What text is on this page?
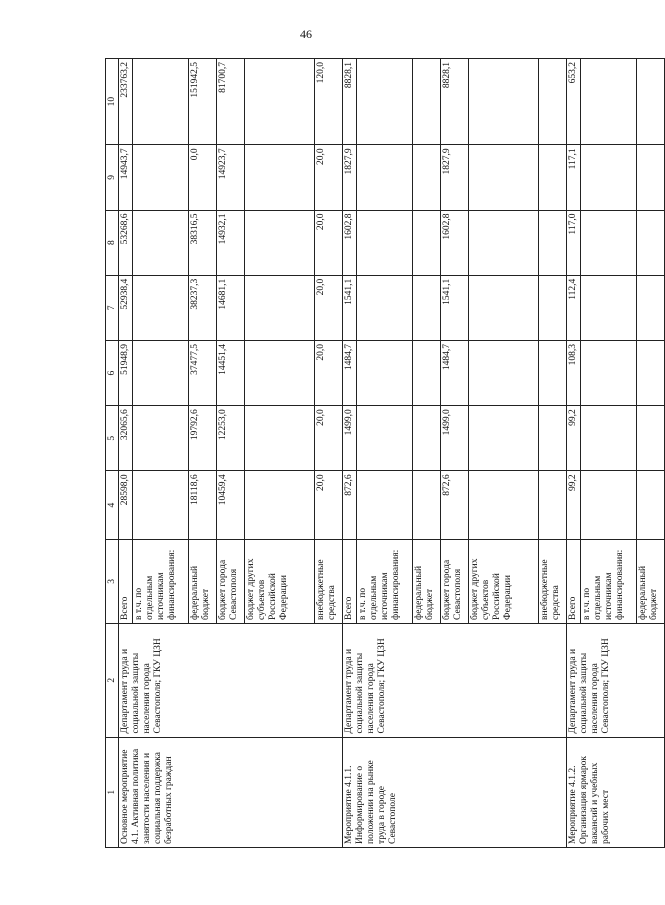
46
1	2	3	4	5	6	7	8	9	10
Основное мероприятие 4.1. Активная политика занятости населения и социальная поддержка безработных граждан	Департамент труда и социальной защиты населения города Севастополя; ГКУ ЦЗН	Всего	28598,0	32065,6	51948,9	52938,4	53268,6	14943,7	233763,2
		в т.ч. по отдельным источникам финансирования:							
		федеральный бюджет	18118,6	19792,6	37477,5	38237,3	38316,5	0,0	151942,5
		бюджет города Севастополя	10459,4	12253,0	14451,4	14681,1	14932,1	14923,7	81700,7
		бюджет других субъектов Российской Федерации							
		внебюджетные средства	20,0	20,0	20,0	20,0	20,0	20,0	120,0
Мероприятие 4.1.1. Информирование о положении на рынке труда в городе Севастополе	Департамент труда и социальной защиты населения города Севастополя; ГКУ ЦЗН	Всего	872,6	1499,0	1484,7	1541,1	1602,8	1827,9	8828,1
		в т.ч. по отдельным источникам финансирования:							
		федеральный бюджет							
		бюджет города Севастополя	872,6	1499,0	1484,7	1541,1	1602,8	1827,9	8828,1
		бюджет других субъектов Российской Федерации							
		внебюджетные средства							
Мероприятие 4.1.2. Организация ярмарок вакансий и учебных рабочих мест	Департамент труда и социальной защиты населения города Севастополя; ГКУ ЦЗН	Всего	99,2	99,2	108,3	112,4	117,0	117,1	653,2
		в т.ч. по отдельным источникам финансирования:							
		федеральный бюджет							
